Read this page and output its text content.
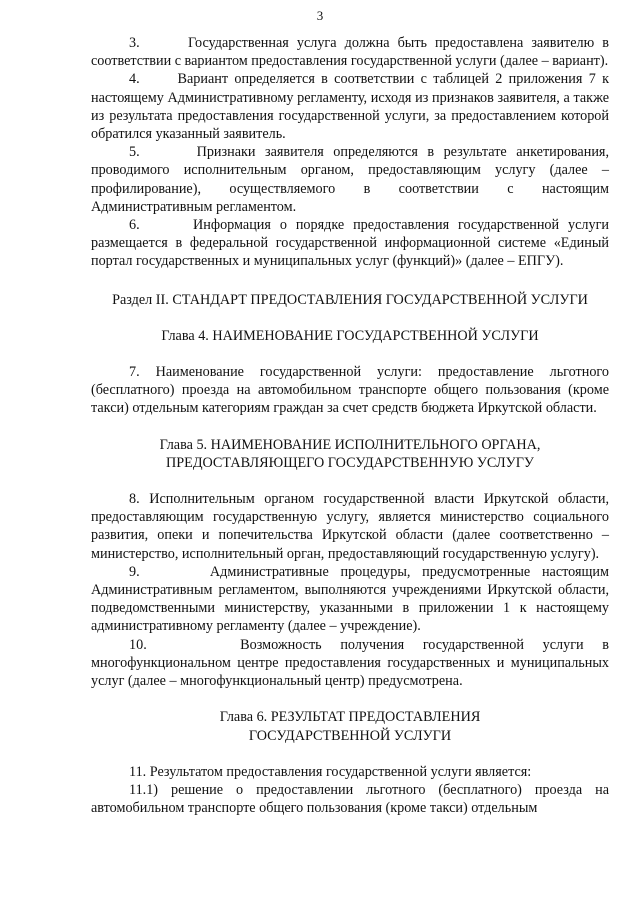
3

3.      Государственная услуга должна быть предоставлена заявителю в соответствии с вариантом предоставления государственной услуги (далее – вариант).

4.      Вариант определяется в соответствии с таблицей 2 приложения 7 к настоящему Административному регламенту, исходя из признаков заявителя, а также из результата предоставления государственной услуги, за предоставлением которой обратился указанный заявитель.

5.      Признаки заявителя определяются в результате анкетирования, проводимого исполнительным органом, предоставляющим услугу (далее – профилирование), осуществляемого в соответствии с настоящим Административным регламентом.

6.      Информация о порядке предоставления государственной услуги размещается в федеральной государственной информационной системе «Единый портал государственных и муниципальных услуг (функций)» (далее – ЕПГУ).

Раздел II. СТАНДАРТ ПРЕДОСТАВЛЕНИЯ ГОСУДАРСТВЕННОЙ УСЛУГИ
Глава 4. НАИМЕНОВАНИЕ ГОСУДАРСТВЕННОЙ УСЛУГИ

7. Наименование государственной услуги: предоставление льготного (бесплатного) проезда на автомобильном транспорте общего пользования (кроме такси) отдельным категориям граждан за счет средств бюджета Иркутской области.

Глава 5. НАИМЕНОВАНИЕ ИСПОЛНИТЕЛЬНОГО ОРГАНА,
ПРЕДОСТАВЛЯЮЩЕГО ГОСУДАРСТВЕННУЮ УСЛУГУ

8. Исполнительным органом государственной власти Иркутской области, предоставляющим государственную услугу, является министерство социального развития, опеки и попечительства Иркутской области (далее соответственно – министерство, исполнительный орган, предоставляющий государственную услугу).

9.      Административные процедуры, предусмотренные настоящим Административным регламентом, выполняются учреждениями Иркутской области, подведомственными министерству, указанными в приложении 1 к настоящему административному регламенту (далее – учреждение).

10.     Возможность получения государственной услуги в многофункциональном центре предоставления государственных и муниципальных услуг (далее – многофункциональный центр) предусмотрена.

Глава 6. РЕЗУЛЬТАТ ПРЕДОСТАВЛЕНИЯ
ГОСУДАРСТВЕННОЙ УСЛУГИ

11. Результатом предоставления государственной услуги является:

11.1) решение о предоставлении льготного (бесплатного) проезда на автомобильном транспорте общего пользования (кроме такси) отдельным
